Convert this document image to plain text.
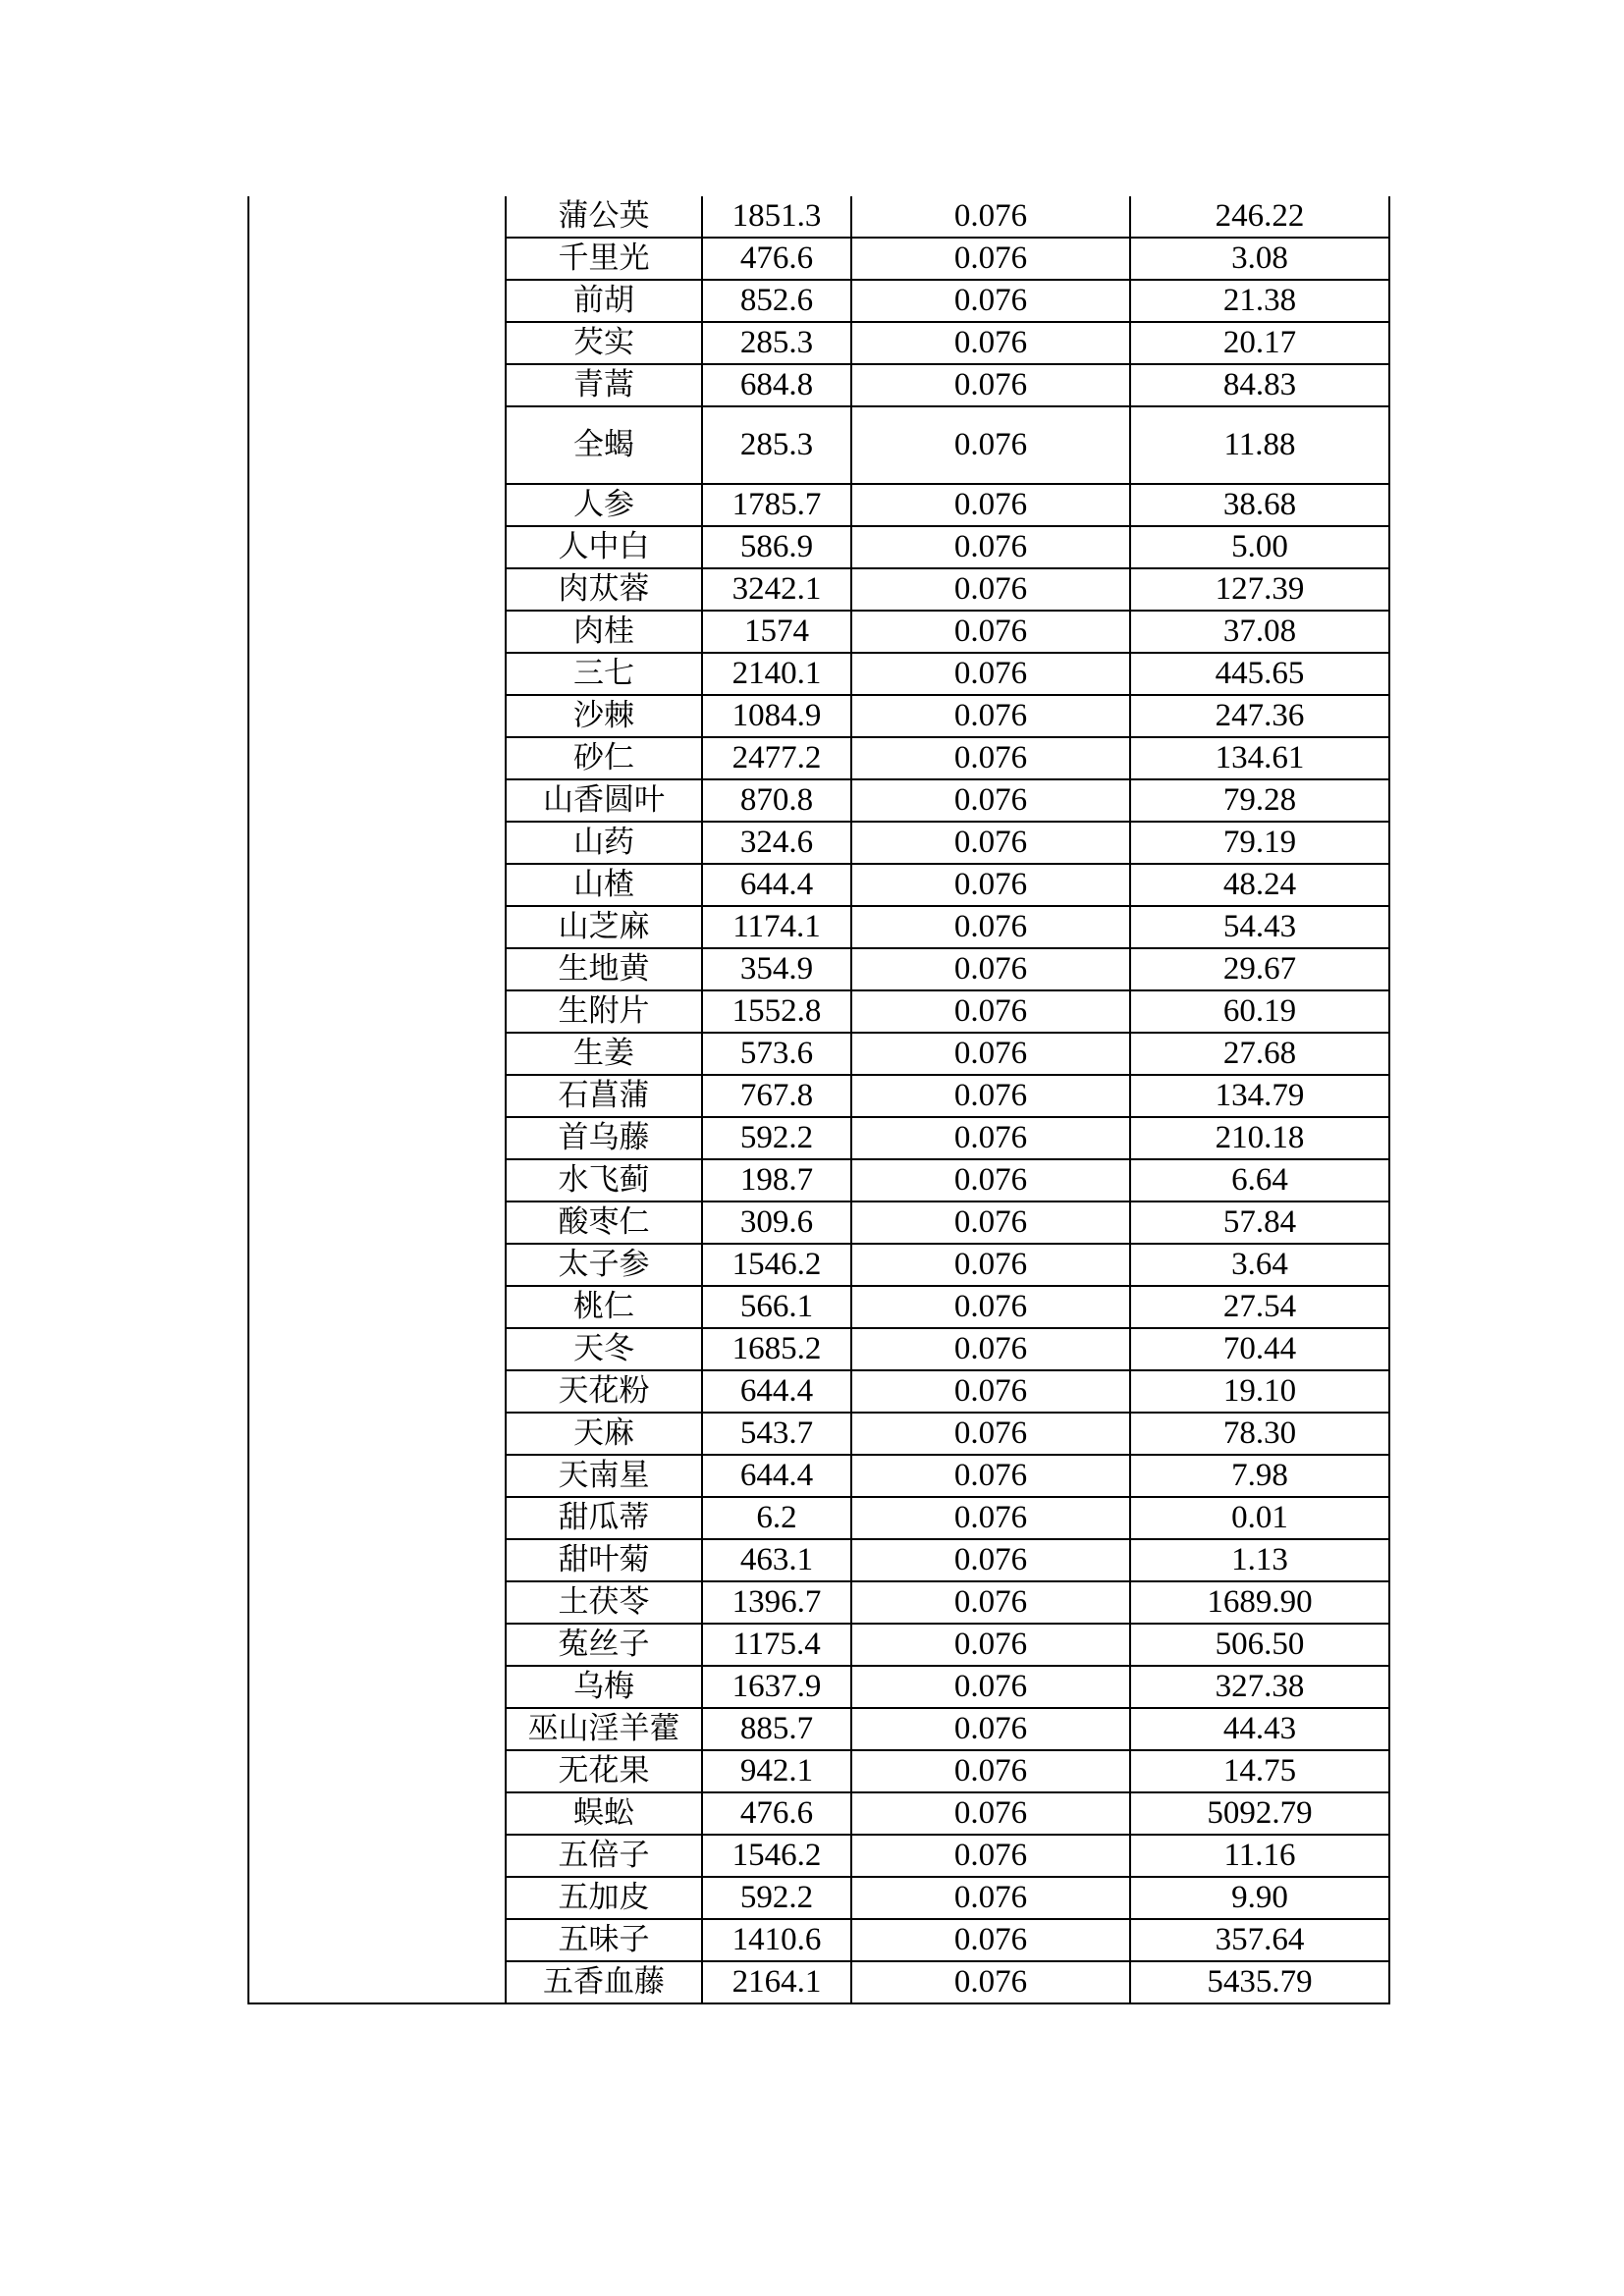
	蒲公英	1851.3	0.076	246.22
	千里光	476.6	0.076	3.08
	前胡	852.6	0.076	21.38
	芡实	285.3	0.076	20.17
	青蒿	684.8	0.076	84.83
	全蝎	285.3	0.076	11.88
	人参	1785.7	0.076	38.68
	人中白	586.9	0.076	5.00
	肉苁蓉	3242.1	0.076	127.39
	肉桂	1574	0.076	37.08
	三七	2140.1	0.076	445.65
	沙棘	1084.9	0.076	247.36
	砂仁	2477.2	0.076	134.61
	山香圆叶	870.8	0.076	79.28
	山药	324.6	0.076	79.19
	山楂	644.4	0.076	48.24
	山芝麻	1174.1	0.076	54.43
	生地黄	354.9	0.076	29.67
	生附片	1552.8	0.076	60.19
	生姜	573.6	0.076	27.68
	石菖蒲	767.8	0.076	134.79
	首乌藤	592.2	0.076	210.18
	水飞蓟	198.7	0.076	6.64
	酸枣仁	309.6	0.076	57.84
	太子参	1546.2	0.076	3.64
	桃仁	566.1	0.076	27.54
	天冬	1685.2	0.076	70.44
	天花粉	644.4	0.076	19.10
	天麻	543.7	0.076	78.30
	天南星	644.4	0.076	7.98
	甜瓜蒂	6.2	0.076	0.01
	甜叶菊	463.1	0.076	1.13
	土茯苓	1396.7	0.076	1689.90
	菟丝子	1175.4	0.076	506.50
	乌梅	1637.9	0.076	327.38
	巫山淫羊藿	885.7	0.076	44.43
	无花果	942.1	0.076	14.75
	蜈蚣	476.6	0.076	5092.79
	五倍子	1546.2	0.076	11.16
	五加皮	592.2	0.076	9.90
	五味子	1410.6	0.076	357.64
	五香血藤	2164.1	0.076	5435.79
